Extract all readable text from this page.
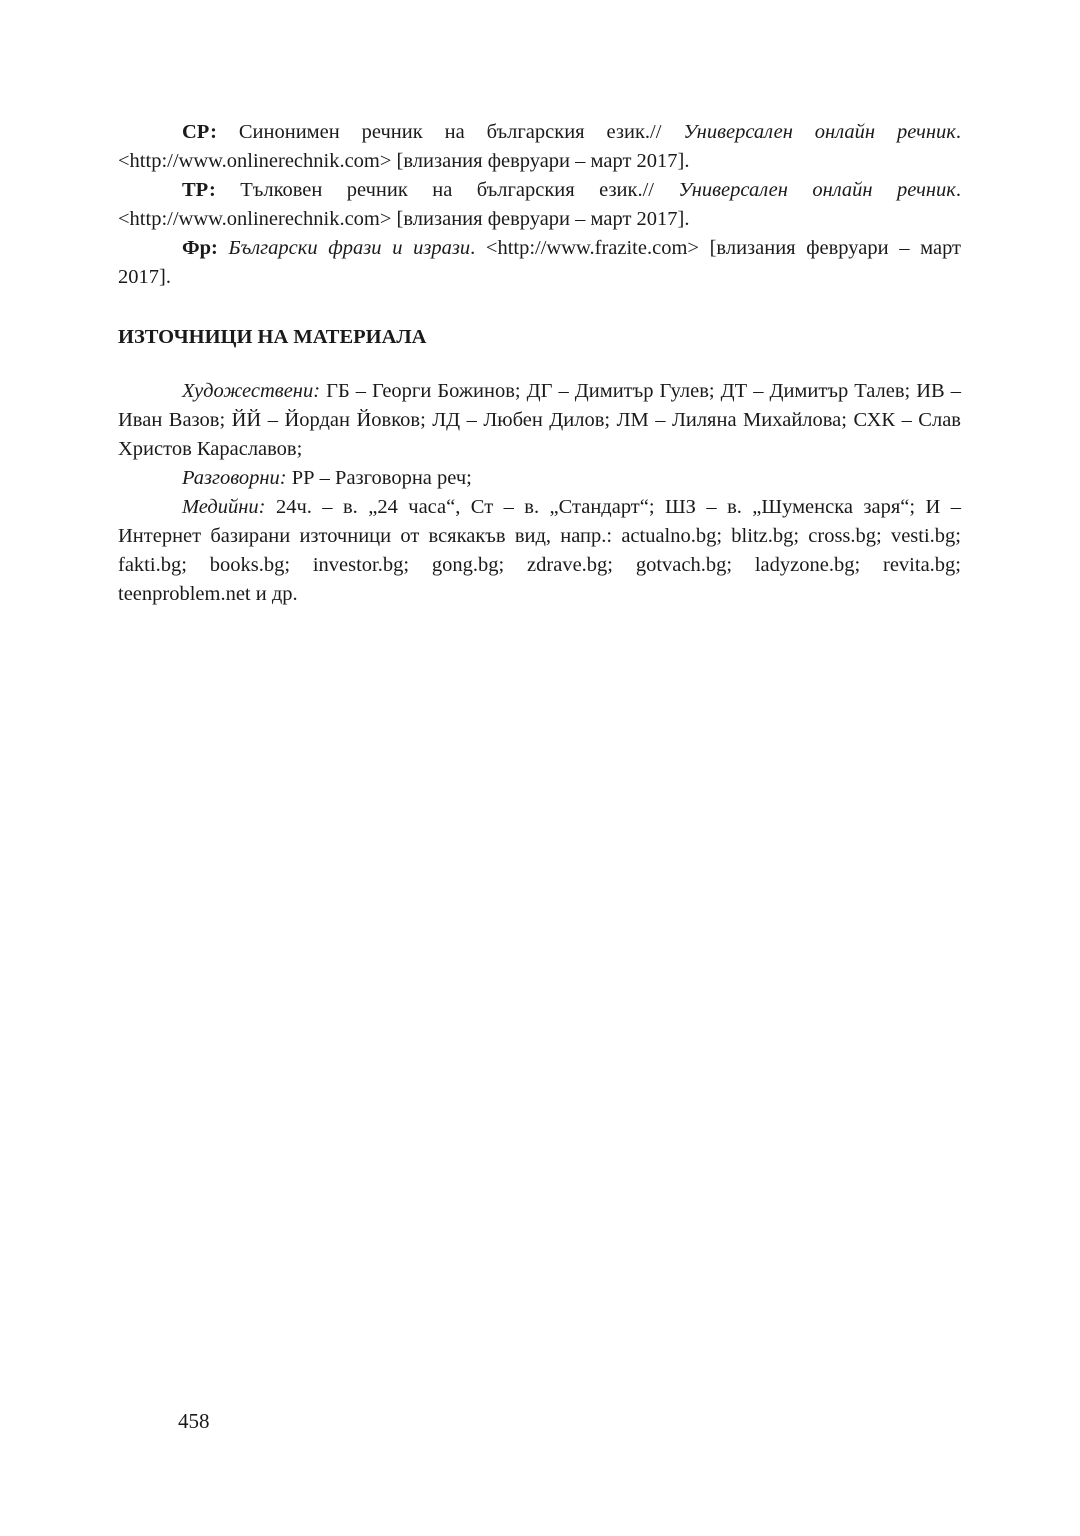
СР: Синонимен речник на българския език.// Универсален онлайн речник. <http://www.onlinerechnik.com> [влизания февруари – март 2017].

ТР: Тълковен речник на българския език.// Универсален онлайн речник. <http://www.onlinerechnik.com> [влизания февруари – март 2017].

Фр: Български фрази и изрази. <http://www.frazite.com> [влизания февруари – март 2017].

ИЗТОЧНИЦИ НА МАТЕРИАЛА

Художествени: ГБ – Георги Божинов; ДГ – Димитър Гулев; ДТ – Димитър Талев; ИВ – Иван Вазов; ЙЙ – Йордан Йовков; ЛД – Любен Дилов; ЛМ – Лиляна Михайлова; СХК – Слав Христов Караславов;

Разговорни: РР – Разговорна реч;

Медийни: 24ч. – в. „24 часа“, Ст – в. „Стандарт“; ШЗ – в. „Шуменска заря“; И – Интернет базирани източници от всякакъв вид, напр.: actualno.bg; blitz.bg; cross.bg; vesti.bg; fakti.bg; books.bg; investor.bg; gong.bg; zdrave.bg; gotvach.bg; ladyzone.bg; revita.bg; teenproblem.net и др.

458
